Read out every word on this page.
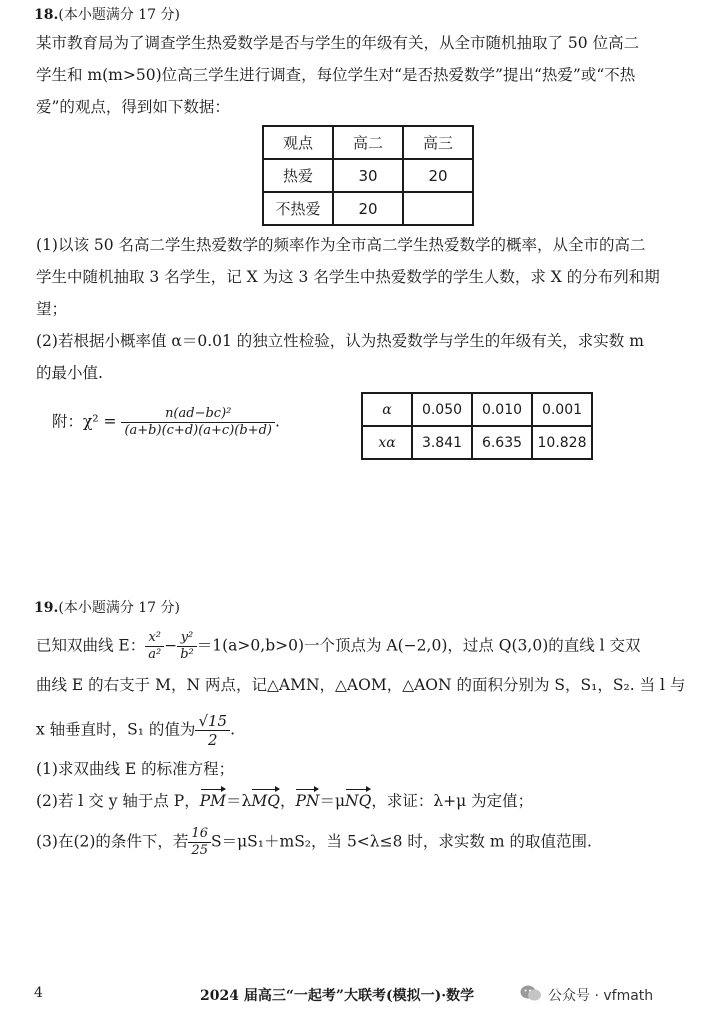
18.(本小题满分 17 分)
某市教育局为了调查学生热爱数学是否与学生的年级有关，从全市随机抽取了 50 位高二
学生和 m(m>50)位高三学生进行调查，每位学生对“是否热爱数学”提出“热爱”或“不热
爱”的观点，得到如下数据：
观点	高二	高三
热爱	30	20
不热爱	20	
(1)以该 50 名高二学生热爱数学的频率作为全市高二学生热爱数学的概率，从全市的高二
学生中随机抽取 3 名学生，记 X 为这 3 名学生中热爱数学的学生人数，求 X 的分布列和期
望；
(2)若根据小概率值 α＝0.01 的独立性检验，认为热爱数学与学生的年级有关，求实数 m
的最小值.
附：$\chi^2 = \frac{\text{n(ad−bc)²}}{(a+b)(c+d)(a+c)(b+d)}$ .
α	0.050	0.010	0.001
xα	3.841	6.635	10.828
19.(本小题满分 17 分)
已知双曲线 E： $\frac{\text{x²}}{\text{a²}} - \frac{\text{y²}}{\text{b²}} =1(a>0,b>0)$一个顶点为 A(−2,0)，过点 Q(3,0)的直线 l 交双
曲线 E 的右支于 M，N 两点，记△AMN，△AOM，△AON 的面积分别为 S，S₁，S₂. 当 l 与
x 轴垂直时，S₁ 的值为 $\frac{√15}{2}$ .
(1)求双曲线 E 的标准方程；
(2)若 l 交 y 轴于点 P，PM＝λMQ，PN＝μNQ，求证：λ+μ 为定值；
(3)在(2)的条件下，若 $\frac{16}{25} S=\mu S_1+mS_2$，当 5<λ≤8 时，求实数 m 的取值范围.
4	2024 届高三“一起考”大联考(模拟一)·数学	公众号 · vfmath
